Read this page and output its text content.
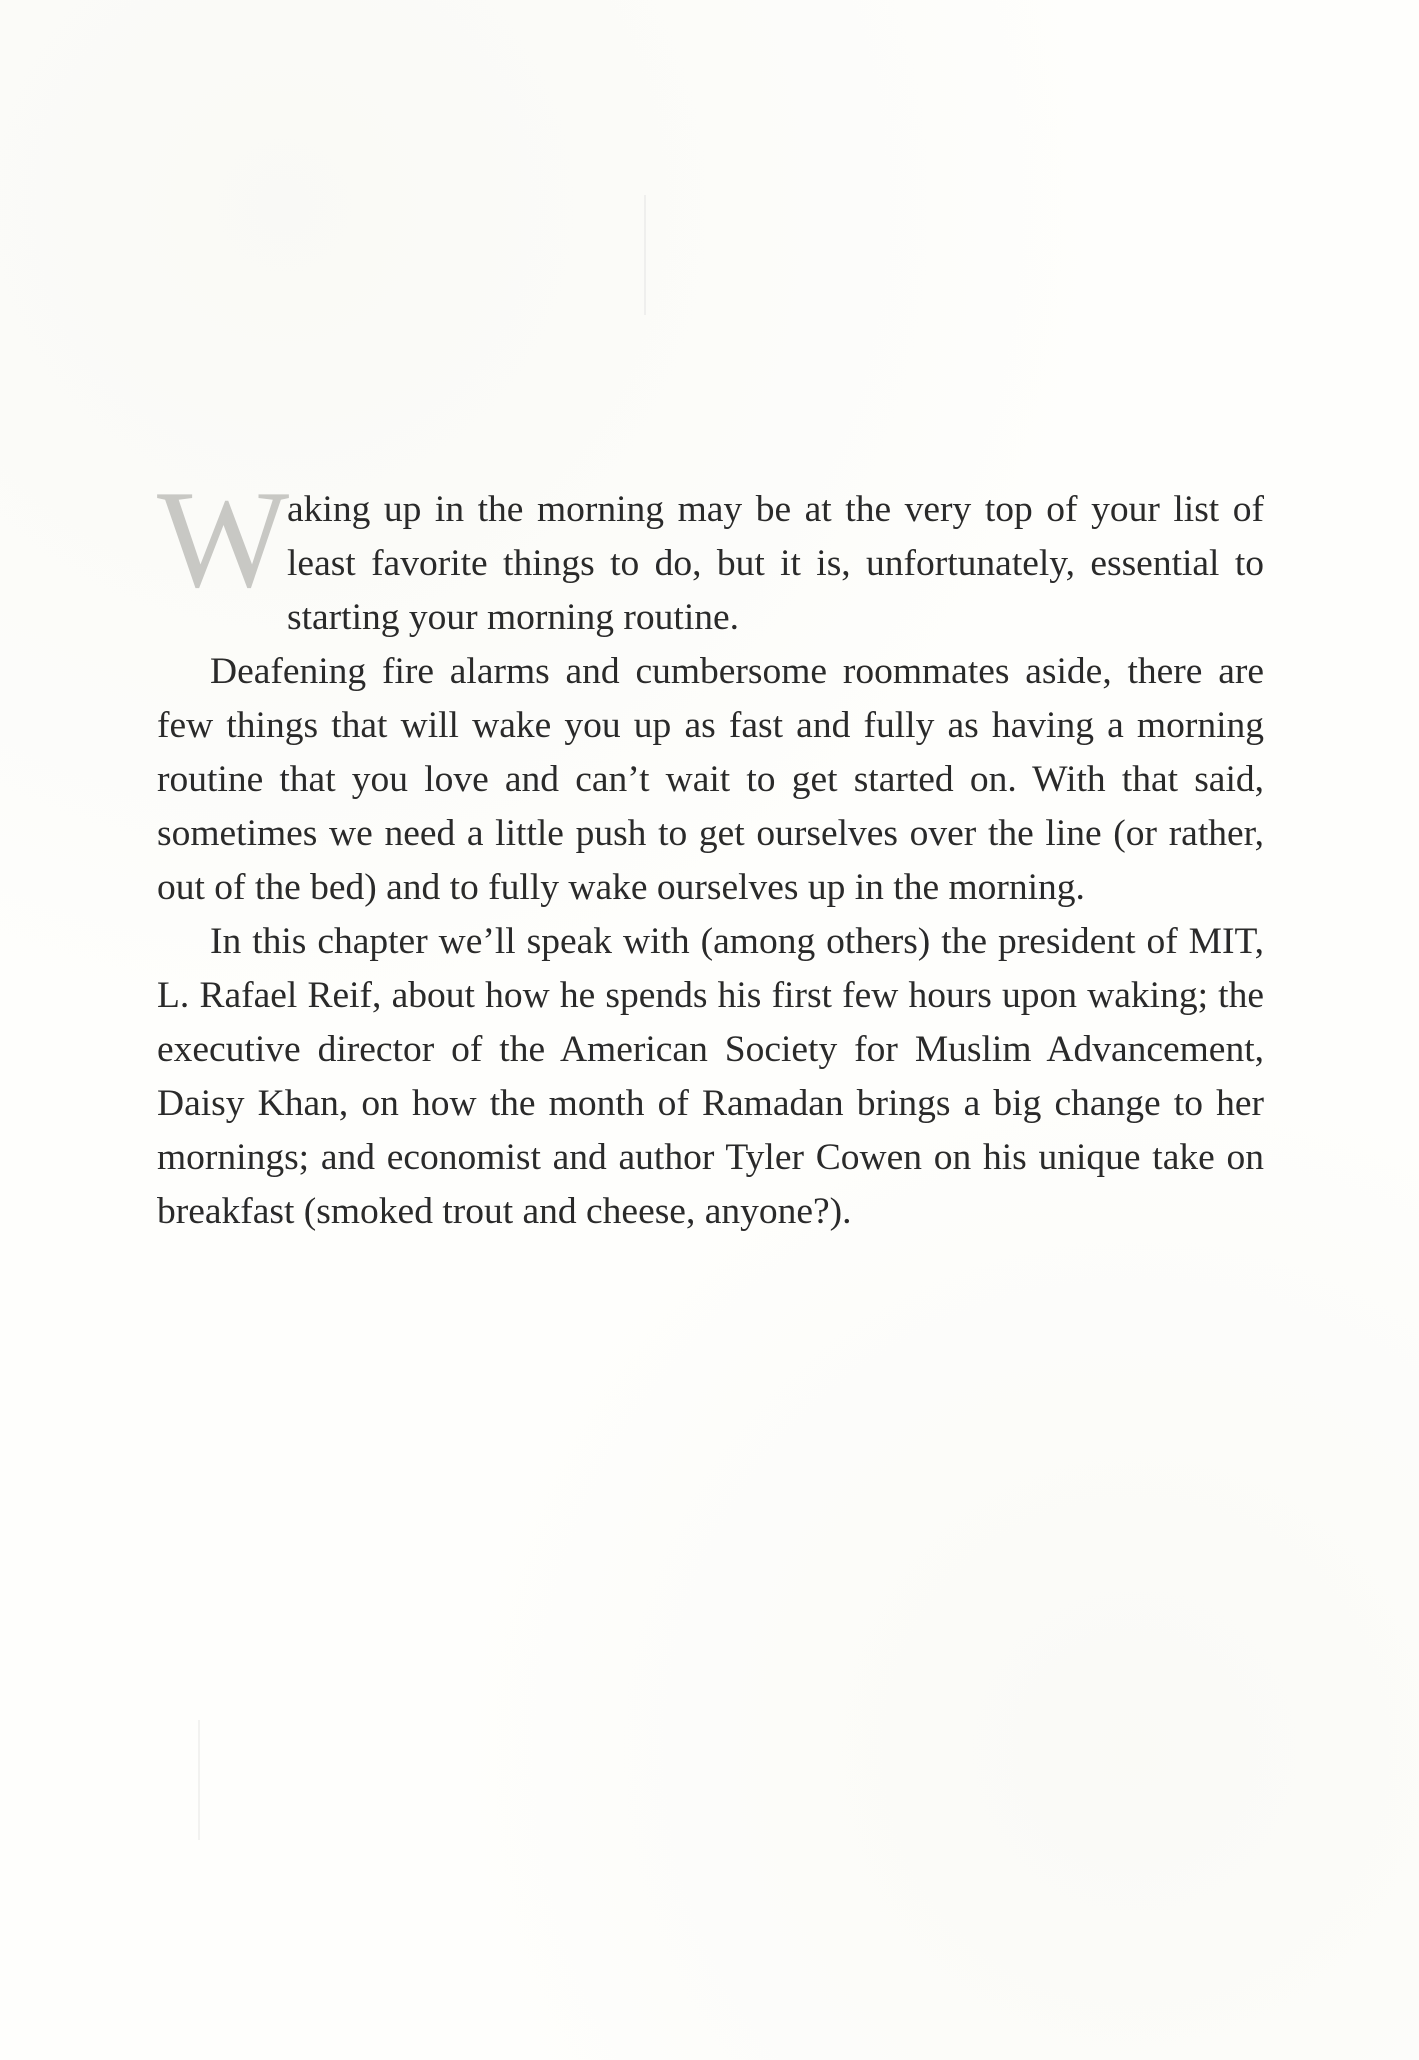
W aking up in the morning may be at the very top of your list of least favorite things to do, but it is, unfortunately, essential to starting your morning routine.

Deafening fire alarms and cumbersome roommates aside, there are few things that will wake you up as fast and fully as having a morning routine that you love and can’t wait to get started on. With that said, sometimes we need a little push to get ourselves over the line (or rather, out of the bed) and to fully wake ourselves up in the morning.

In this chapter we’ll speak with (among others) the president of MIT, L. Rafael Reif, about how he spends his first few hours upon waking; the executive director of the American Society for Muslim Advancement, Daisy Khan, on how the month of Ramadan brings a big change to her mornings; and economist and author Tyler Cowen on his unique take on breakfast (smoked trout and cheese, anyone?).
